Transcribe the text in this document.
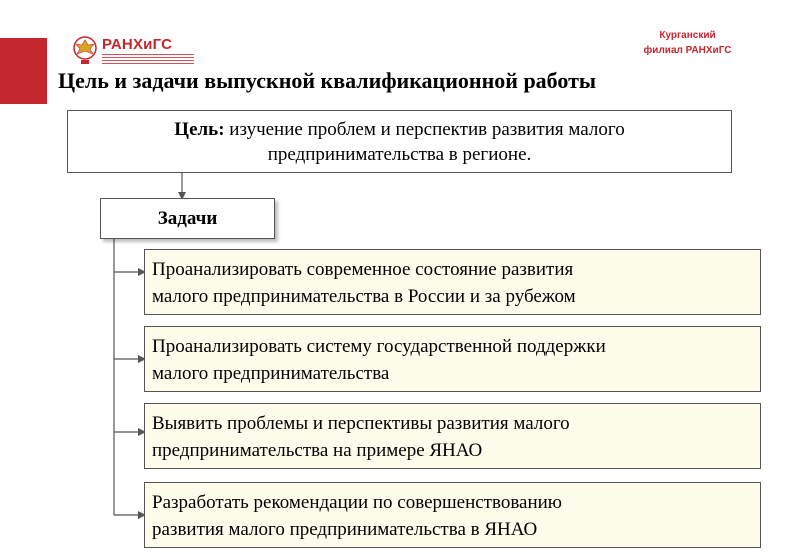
РАНХиГС
Курганский
филиал РАНХиГС
Цель и задачи выпускной квалификационной работы
Цель: изучение проблем и перспектив развития малого
предпринимательства в регионе.
Задачи
Проанализировать современное состояние развития
малого предпринимательства в России и за рубежом
Проанализировать систему государственной поддержки
малого предпринимательства
Выявить проблемы и перспективы развития малого
предпринимательства на примере ЯНАО
Разработать рекомендации по совершенствованию
развития малого предпринимательства в ЯНАО
